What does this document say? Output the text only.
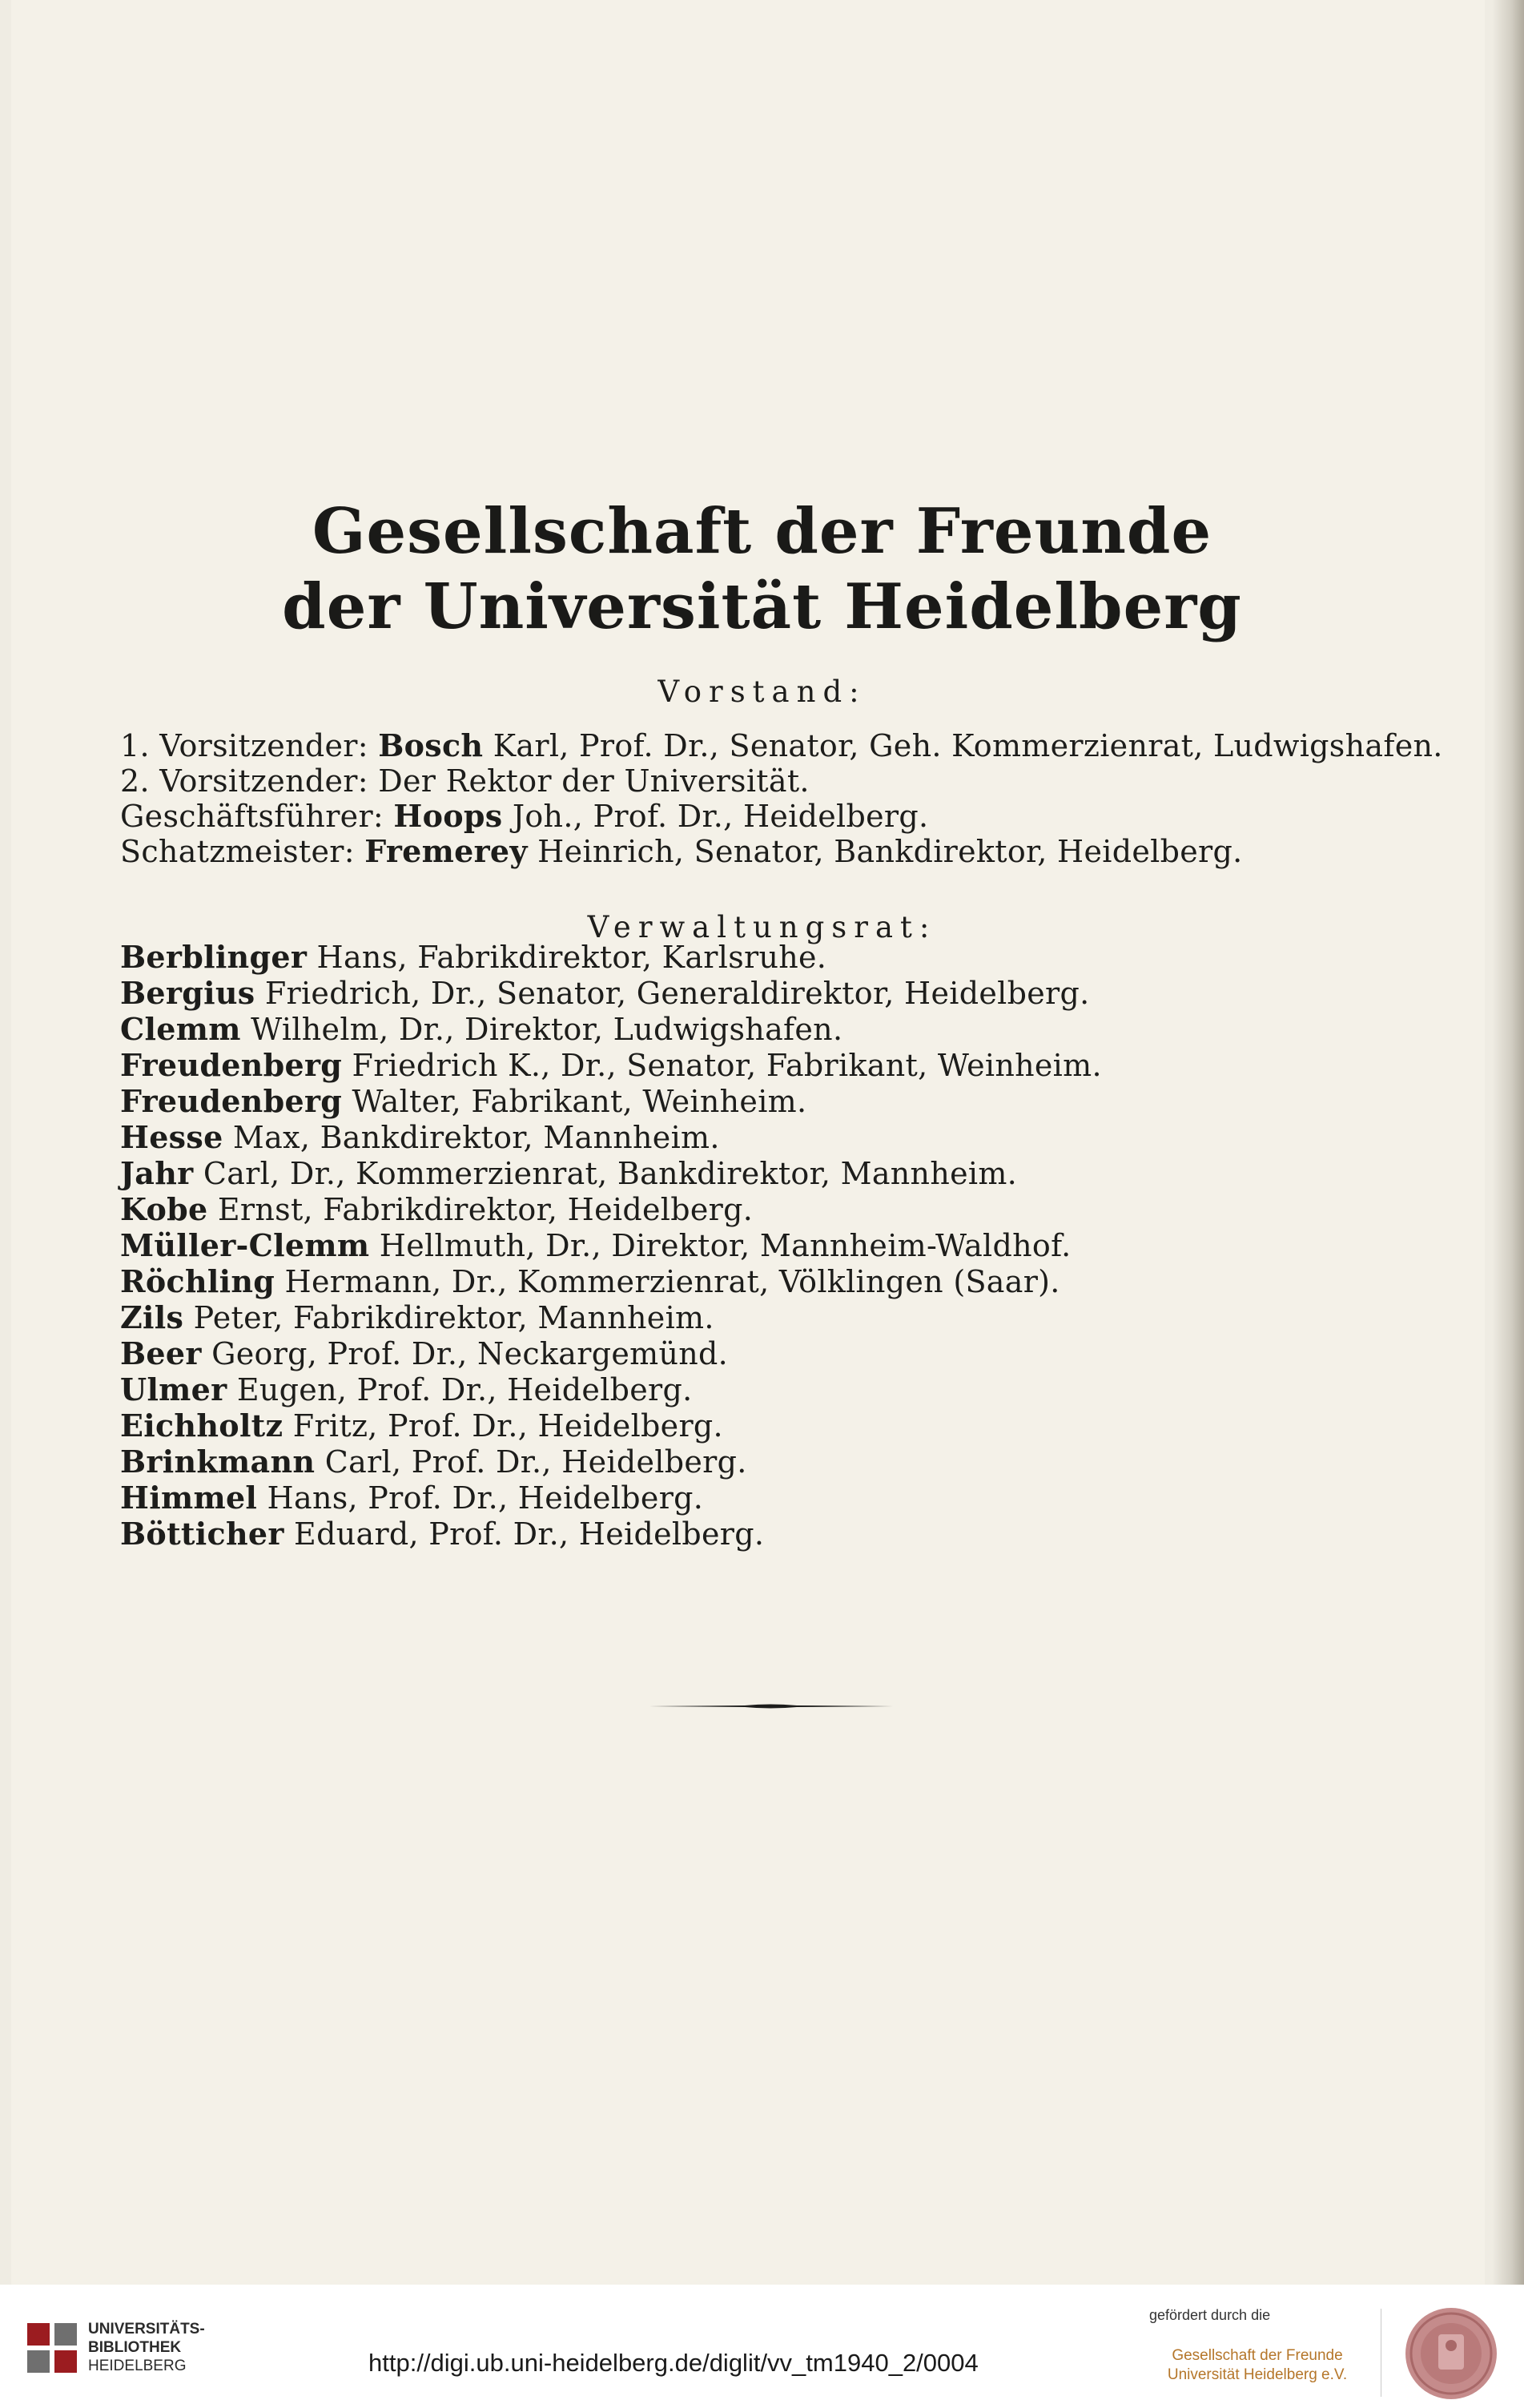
Gesellschaft der Freunde
der Universität Heidelberg
Vorstand:
1. Vorsitzender: Bosch Karl, Prof. Dr., Senator, Geh. Kommerzienrat, Ludwigshafen.
2. Vorsitzender: Der Rektor der Universität.
Geschäftsführer: Hoops Joh., Prof. Dr., Heidelberg.
Schatzmeister: Fremerey Heinrich, Senator, Bankdirektor, Heidelberg.
Verwaltungsrat:
Berblinger Hans, Fabrikdirektor, Karlsruhe.
Bergius Friedrich, Dr., Senator, Generaldirektor, Heidelberg.
Clemm Wilhelm, Dr., Direktor, Ludwigshafen.
Freudenberg Friedrich K., Dr., Senator, Fabrikant, Weinheim.
Freudenberg Walter, Fabrikant, Weinheim.
Hesse Max, Bankdirektor, Mannheim.
Jahr Carl, Dr., Kommerzienrat, Bankdirektor, Mannheim.
Kobe Ernst, Fabrikdirektor, Heidelberg.
Müller-Clemm Hellmuth, Dr., Direktor, Mannheim-Waldhof.
Röchling Hermann, Dr., Kommerzienrat, Völklingen (Saar).
Zils Peter, Fabrikdirektor, Mannheim.
Beer Georg, Prof. Dr., Neckargemünd.
Ulmer Eugen, Prof. Dr., Heidelberg.
Eichholtz Fritz, Prof. Dr., Heidelberg.
Brinkmann Carl, Prof. Dr., Heidelberg.
Himmel Hans, Prof. Dr., Heidelberg.
Bötticher Eduard, Prof. Dr., Heidelberg.
UNIVERSITÄTS-
BIBLIOTHEK
HEIDELBERG	http://digi.ub.uni-heidelberg.de/diglit/vv_tm1940_2/0004
gefördert durch die
Gesellschaft der Freunde
Universität Heidelberg e.V.
